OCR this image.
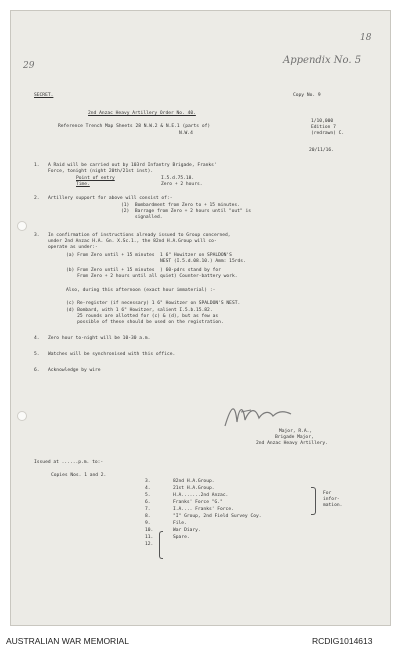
18
Appendix No. 5
29
SECRET.	Copy No. 9
2nd Anzac Heavy Artillery Order No. 40.
Reference Trench Map Sheets 28 N.W.2 & N.E.1 (parts of)
1/10,000
Edition 7
N.W.4	(redrawn) C.
20/11/16.
1. A Raid will be carried out by 103rd Infantry Brigade, Franks'
Force, tonight (night 20th/21st inst).
Point of entry	I.5.d.75.18.
Time.	Zero + 2 hours.
2. Artillery support for above will consist of:-
(1)  Bombardment from Zero to + 15 minutes.
(2)  Barrage from Zero + 2 hours until "out" is
signalled.
3. In confirmation of instructions already issued to Group concerned,
under 2nd Anzac H.A. Gn. X.Sc.1., the 82nd H.A.Group will co-
operate as under:-
(a) From Zero until + 15 minutes  1 6" Howitzer on SPALDON'S
NEST (I.5.d.08.10.) Amm: 15rds.
(b) From Zero until + 15 minutes  ) 60-pdrs stand by for
From Zero + 2 hours until all quiet) Counter-battery work.
Also, during this afternoon (exact hour immaterial) :-
(c) Re-register (if necessary) 1 6" Howitzer on SPALDON'S NEST.
(d) Bombard, with 1 6" Howitzer, salient I.5.b.15.82.
25 rounds are allotted for (c) & (d), but as few as
possible of these should be used on the registration.
4. Zero hour to-night will be 10-30 a.m.
5. Watches will be synchronised with this office.
6. Acknowledge by wire
Major, R.A.,
Brigade Major,
2nd Anzac Heavy Artillery.
Issued at ......p.m. to:-
Copies Nos. 1 and 2.
3.	82nd H.A.Group.
4.	21st H.A.Group.
5.	H.A.......2nd Anzac.
6.	Franks' Force "G."
7.	I.A.... Franks' Force.
8.	"I" Group, 2nd Field Survey Coy.
9.	File.
10.	War Diary.
11.	Spare.
12.
For
infor-
mation.
AUSTRALIAN WAR MEMORIAL	RCDIG1014613
